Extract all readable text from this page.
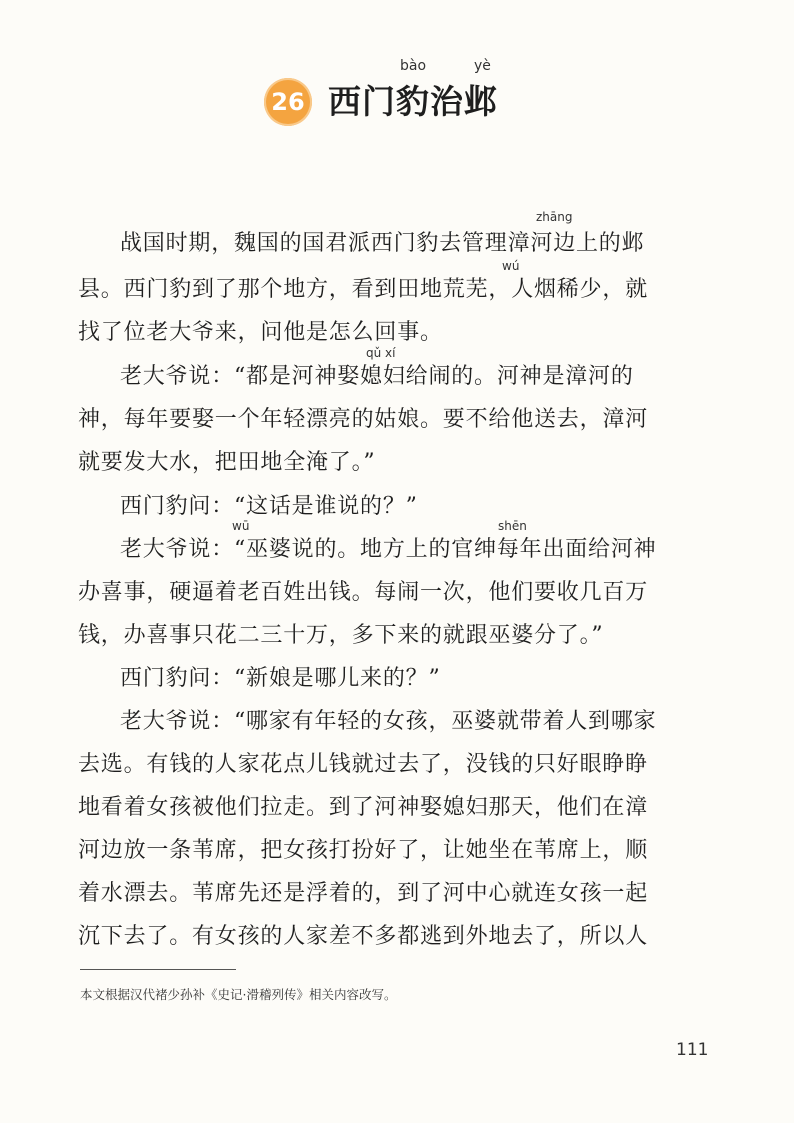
26
bào	yè
西门豹治邺
zhāng
wú
qǔ xí
wū	shēn
战国时期，魏国的国君派西门豹去管理漳河边上的邺
县。西门豹到了那个地方，看到田地荒芜，人烟稀少，就
找了位老大爷来，问他是怎么回事。
老大爷说：“都是河神娶媳妇给闹的。河神是漳河的
神，每年要娶一个年轻漂亮的姑娘。要不给他送去，漳河
就要发大水，把田地全淹了。”
西门豹问：“这话是谁说的？”
老大爷说：“巫婆说的。地方上的官绅每年出面给河神
办喜事，硬逼着老百姓出钱。每闹一次，他们要收几百万
钱，办喜事只花二三十万，多下来的就跟巫婆分了。”
西门豹问：“新娘是哪儿来的？”
老大爷说：“哪家有年轻的女孩，巫婆就带着人到哪家
去选。有钱的人家花点儿钱就过去了，没钱的只好眼睁睁
地看着女孩被他们拉走。到了河神娶媳妇那天，他们在漳
河边放一条苇席，把女孩打扮好了，让她坐在苇席上，顺
着水漂去。苇席先还是浮着的，到了河中心就连女孩一起
沉下去了。有女孩的人家差不多都逃到外地去了，所以人
本文根据汉代褚少孙补《史记·滑稽列传》相关内容改写。
111
